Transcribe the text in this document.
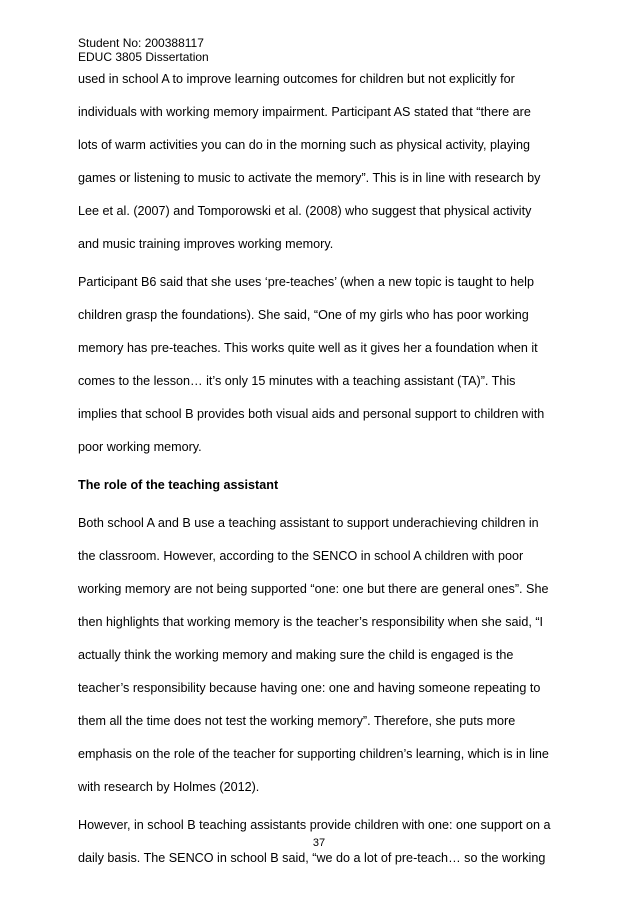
Student No: 200388117
EDUC 3805 Dissertation
used in school A to improve learning outcomes for children but not explicitly for
individuals with working memory impairment. Participant AS stated that “there are
lots of warm activities you can do in the morning such as physical activity, playing
games or listening to music to activate the memory”. This is in line with research by
Lee et al. (2007) and Tomporowski et al. (2008) who suggest that physical activity
and music training improves working memory.
Participant B6 said that she uses ‘pre-teaches’ (when a new topic is taught to help
children grasp the foundations). She said, “One of my girls who has poor working
memory has pre-teaches. This works quite well as it gives her a foundation when it
comes to the lesson… it’s only 15 minutes with a teaching assistant (TA)”. This
implies that school B provides both visual aids and personal support to children with
poor working memory.
The role of the teaching assistant
Both school A and B use a teaching assistant to support underachieving children in
the classroom. However, according to the SENCO in school A children with poor
working memory are not being supported “one: one but there are general ones”. She
then highlights that working memory is the teacher’s responsibility when she said, “I
actually think the working memory and making sure the child is engaged is the
teacher’s responsibility because having one: one and having someone repeating to
them all the time does not test the working memory”. Therefore, she puts more
emphasis on the role of the teacher for supporting children’s learning, which is in line
with research by Holmes (2012).
However, in school B teaching assistants provide children with one: one support on a
daily basis. The SENCO in school B said, “we do a lot of pre-teach… so the working
37
